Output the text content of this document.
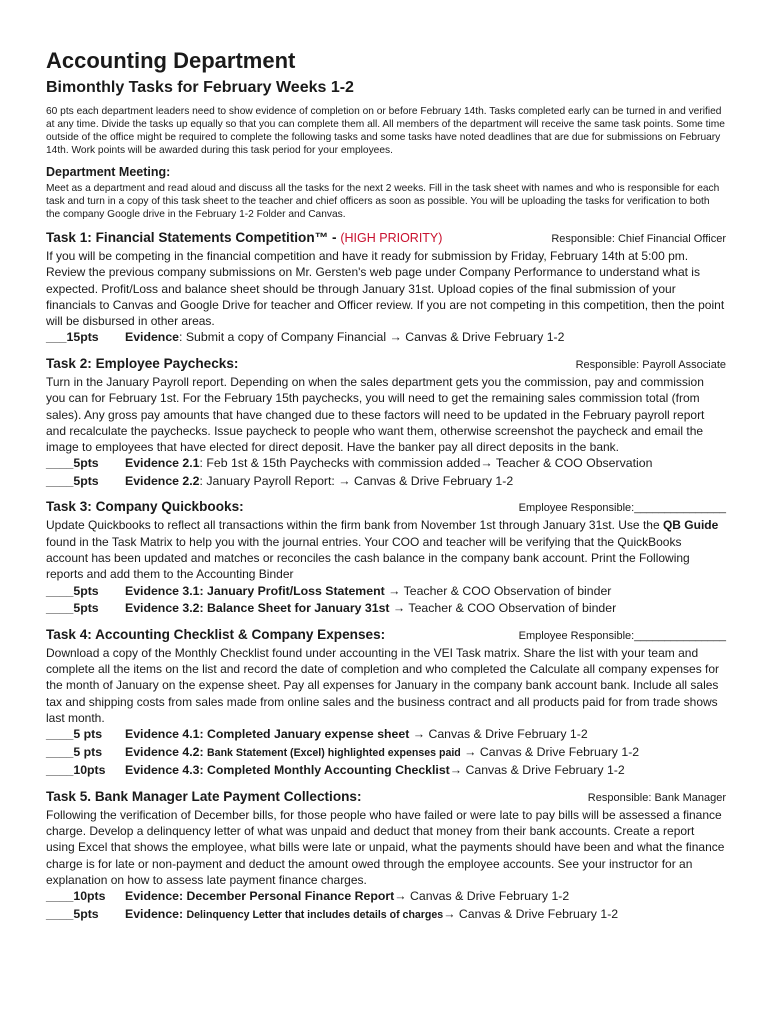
Accounting Department
Bimonthly Tasks for February Weeks 1-2

60 pts each department leaders need to show evidence of completion on or before February 14th. Tasks completed early can be turned in and verified at any time. Divide the tasks up equally so that you can complete them all. All members of the department will receive the same task points. Some time outside of the office might be required to complete the following tasks and some tasks have noted deadlines that are due for submissions on February 14th. Work points will be awarded during this task period for your employees.

Department Meeting:

Meet as a department and read aloud and discuss all the tasks for the next 2 weeks. Fill in the task sheet with names and who is responsible for each task and turn in a copy of this task sheet to the teacher and chief officers as soon as possible. You will be uploading the tasks for verification to both the company Google drive in the February 1-2 Folder and Canvas.

Task 1: Financial Statements Competition™ - (HIGH PRIORITY)	Responsible: Chief Financial Officer

If you will be competing in the financial competition and have it ready for submission by Friday, February 14th at 5:00 pm. Review the previous company submissions on Mr. Gersten's web page under Company Performance to understand what is expected. Profit/Loss and balance sheet should be through January 31st. Upload copies of the final submission of your financials to Canvas and Google Drive for teacher and Officer review. If you are not competing in this competition, then the point will be disbursed in other areas.

___15pts	Evidence: Submit a copy of Company Financial → Canvas & Drive February 1-2
Task 2: Employee Paychecks:	Responsible: Payroll Associate

Turn in the January Payroll report. Depending on when the sales department gets you the commission, pay and commission you can for February 1st. For the February 15th paychecks, you will need to get the remaining sales commission total (from sales). Any gross pay amounts that have changed due to these factors will need to be updated in the February payroll report and recalculate the paychecks. Issue paycheck to people who want them, otherwise screenshot the paycheck and email the image to employees that have elected for direct deposit. Have the banker pay all direct deposits in the bank.

____5pts	Evidence 2.1: Feb 1st & 15th Paychecks with commission added→ Teacher & COO Observation
____5pts	Evidence 2.2: January Payroll Report: → Canvas & Drive February 1-2
Task 3: Company Quickbooks:	Employee Responsible:_______________

Update Quickbooks to reflect all transactions within the firm bank from November 1st through January 31st. Use the QB Guide found in the Task Matrix to help you with the journal entries. Your COO and teacher will be verifying that the QuickBooks account has been updated and matches or reconciles the cash balance in the company bank account. Print the Following reports and add them to the Accounting Binder

____5pts	Evidence 3.1: January Profit/Loss Statement → Teacher & COO Observation of binder
____5pts	Evidence 3.2: Balance Sheet for January 31st → Teacher & COO Observation of binder
Task 4: Accounting Checklist & Company Expenses:	Employee Responsible:_______________

Download a copy of the Monthly Checklist found under accounting in the VEI Task matrix. Share the list with your team and complete all the items on the list and record the date of completion and who completed the Calculate all company expenses for the month of January on the expense sheet. Pay all expenses for January in the company bank account bank. Include all sales tax and shipping costs from sales made from online sales and the business contract and all products paid for from trade shows last month.

____5 pts	Evidence 4.1: Completed January expense sheet → Canvas & Drive February 1-2
____5 pts	Evidence 4.2: Bank Statement (Excel) highlighted expenses paid → Canvas & Drive February 1-2
____10pts	Evidence 4.3: Completed Monthly Accounting Checklist→ Canvas & Drive February 1-2
Task 5. Bank Manager Late Payment Collections:	Responsible: Bank Manager

Following the verification of December bills, for those people who have failed or were late to pay bills will be assessed a finance charge. Develop a delinquency letter of what was unpaid and deduct that money from their bank accounts. Create a report using Excel that shows the employee, what bills were late or unpaid, what the payments should have been and what the finance charge is for late or non-payment and deduct the amount owed through the employee accounts. See your instructor for an explanation on how to assess late payment finance charges.

____10pts	Evidence: December Personal Finance Report→ Canvas & Drive February 1-2
____5pts	Evidence: Delinquency Letter that includes details of charges→ Canvas & Drive February 1-2
